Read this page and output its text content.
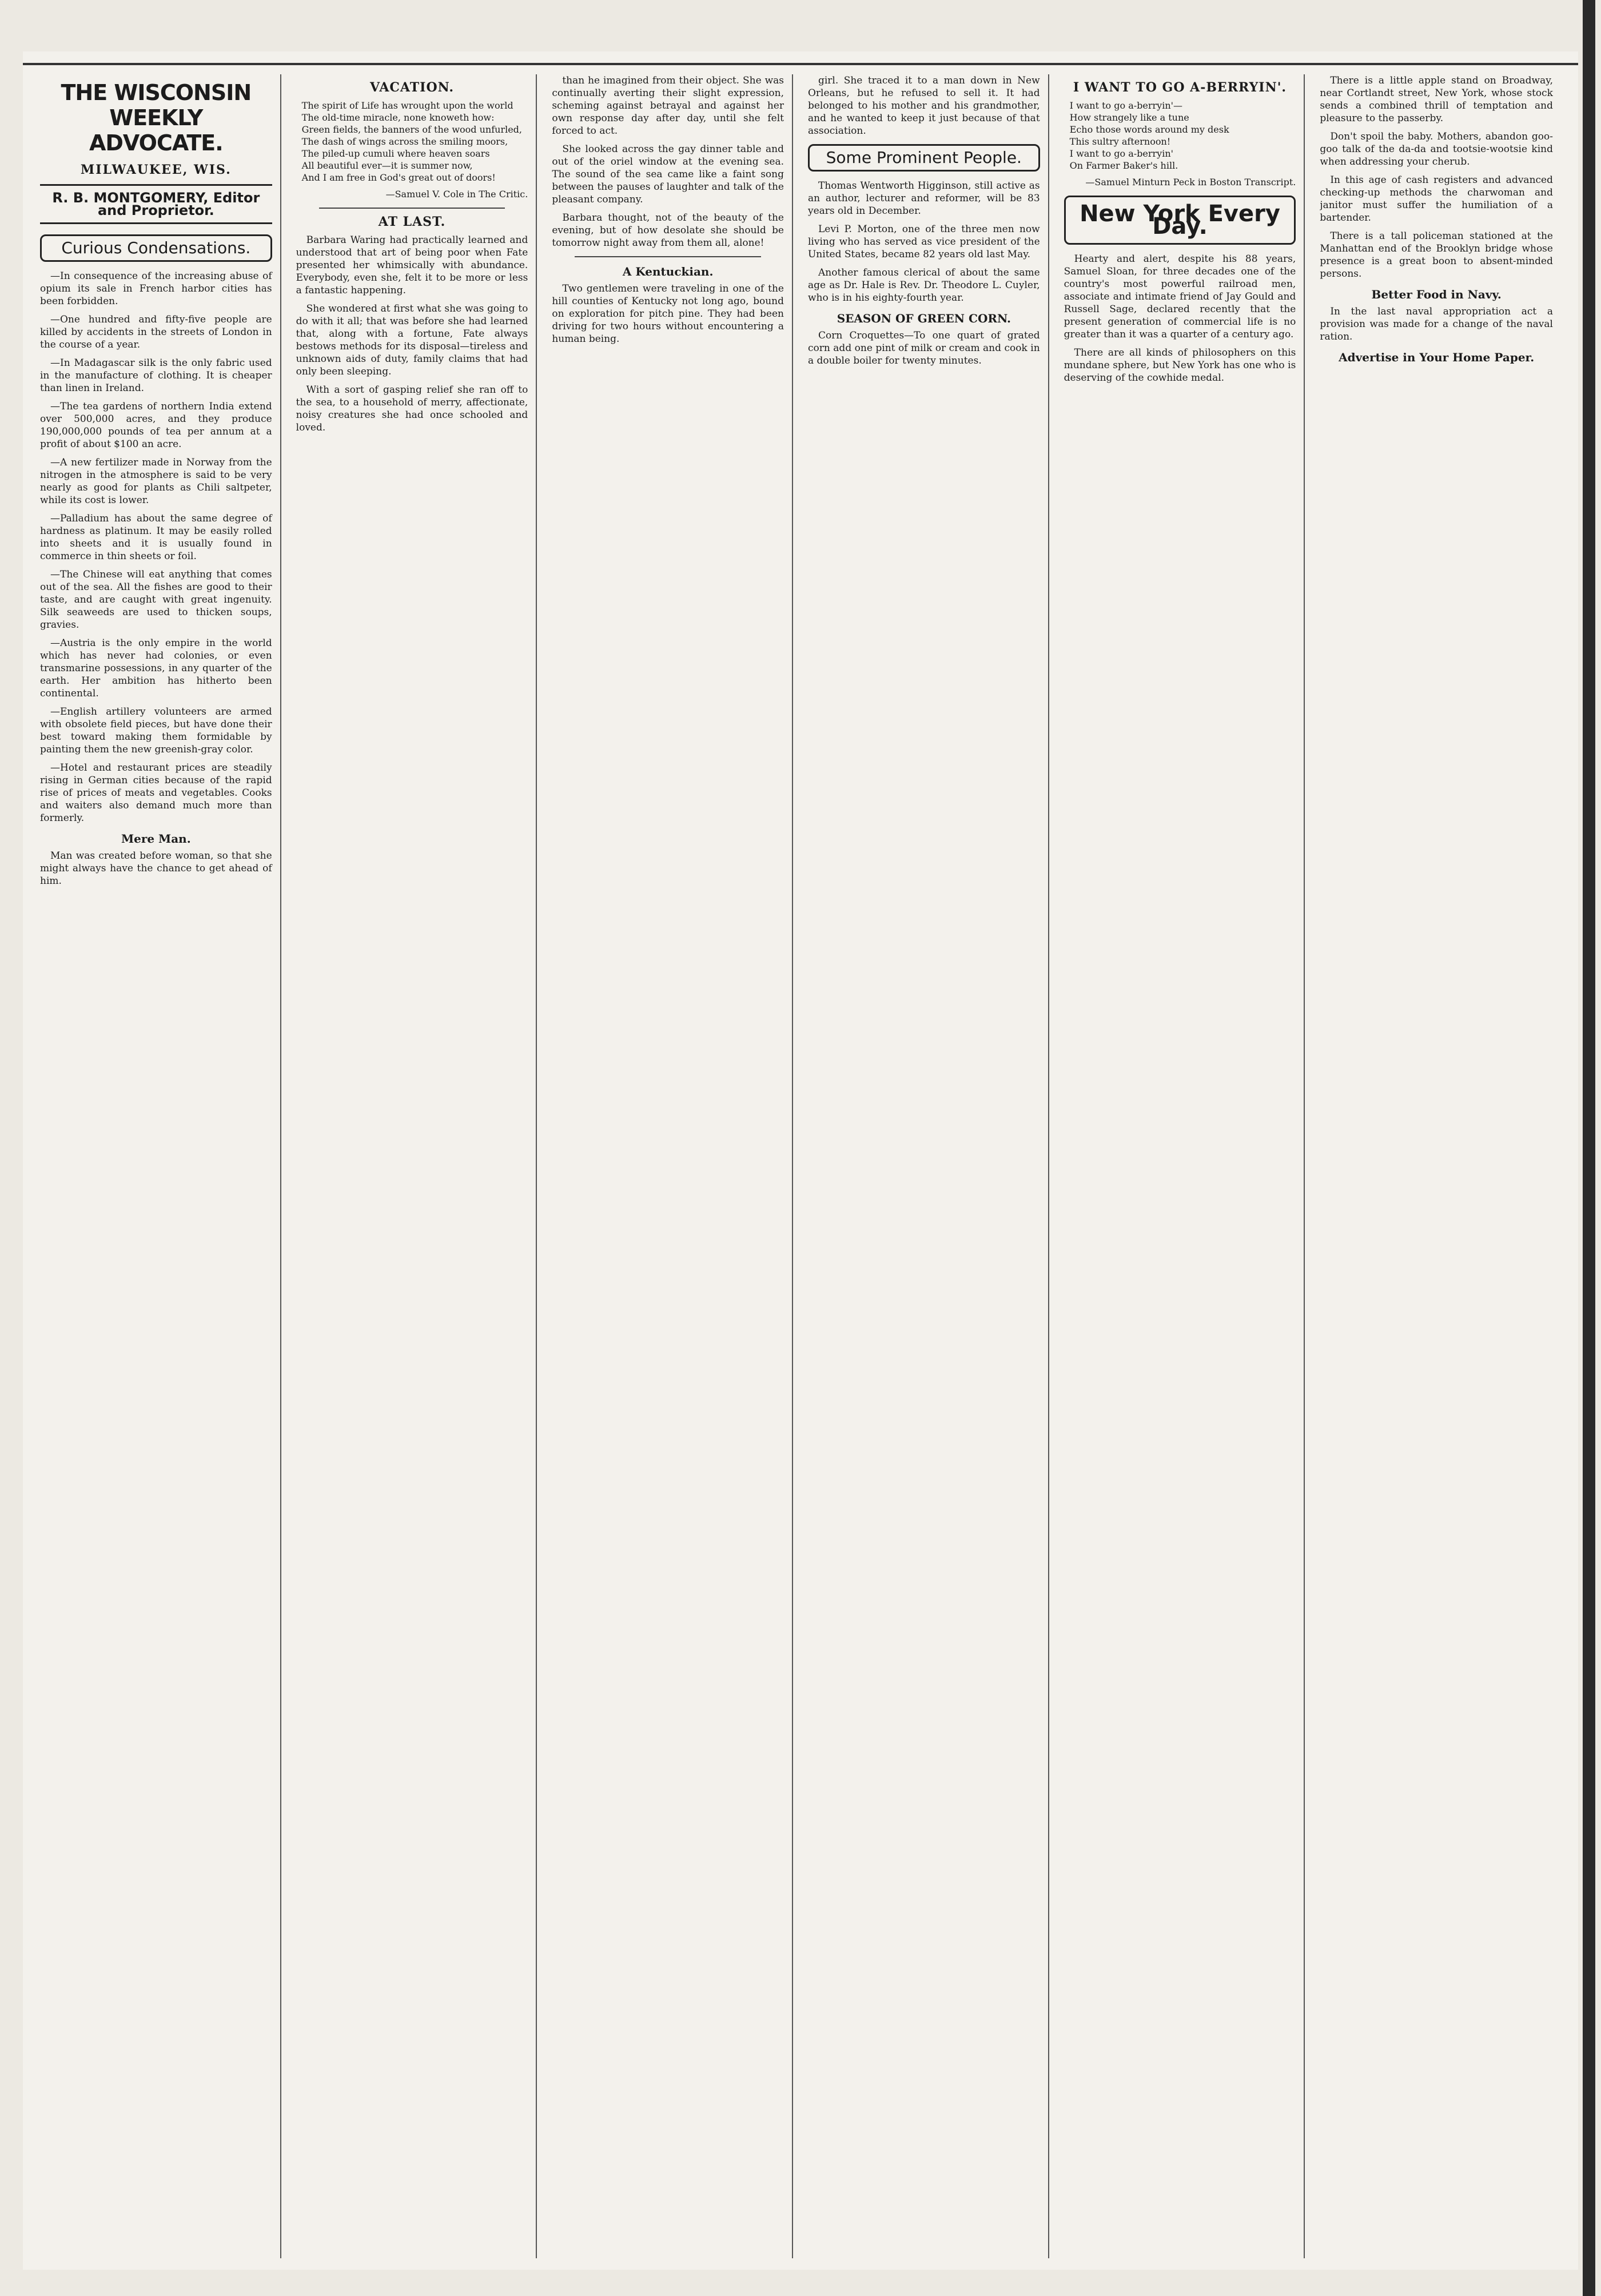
THE WISCONSIN WEEKLY ADVOCATE.
MILWAUKEE, WIS.
R. B. MONTGOMERY, Editor and Proprietor.
Curious Condensations.

—In consequence of the increasing abuse of opium its sale in French harbor cities has been forbidden.

—One hundred and fifty-five people are killed by accidents in the streets of London in the course of a year.

—In Madagascar silk is the only fabric used in the manufacture of clothing. It is cheaper than linen in Ireland.

—The tea gardens of northern India extend over 500,000 acres, and they produce 190,000,000 pounds of tea per annum at a profit of about $100 an acre.

—A new fertilizer made in Norway from the nitrogen in the atmosphere is said to be very nearly as good for plants as Chili saltpeter, while its cost is lower.

—Palladium has about the same degree of hardness as platinum. It may be easily rolled into sheets and it is usually found in commerce in thin sheets or foil.

—The Chinese will eat anything that comes out of the sea. All the fishes are good to their taste, and are caught with great ingenuity. Silk seaweeds are used to thicken soups, gravies.

—Austria is the only empire in the world which has never had colonies, or even transmarine possessions, in any quarter of the earth. Her ambition has hitherto been continental.

—English artillery volunteers are armed with obsolete field pieces, but have done their best toward making them formidable by painting them the new greenish-gray color.

—Hotel and restaurant prices are steadily rising in German cities because of the rapid rise of prices of meats and vegetables. Cooks and waiters also demand much more than formerly.

Mere Man.

Man was created before woman, so that she might always have the chance to get ahead of him.

VACATION.
The spirit of Life has wrought upon the world
The old-time miracle, none knoweth how:
Green fields, the banners of the wood unfurled,
The dash of wings across the smiling moors,
The piled-up cumuli where heaven soars
All beautiful ever—it is summer now,
And I am free in God's great out of doors!
—Samuel V. Cole in The Critic.
AT LAST.

Barbara Waring had practically learned and understood that art of being poor when Fate presented her whimsically with abundance. Everybody, even she, felt it to be more or less a fantastic happening.

She wondered at first what she was going to do with it all; that was before she had learned that, along with a fortune, Fate always bestows methods for its disposal—tireless and unknown aids of duty, family claims that had only been sleeping.

With a sort of gasping relief she ran off to the sea, to a household of merry, affectionate, noisy creatures she had once schooled and loved.

than he imagined from their object. She was continually averting their slight expression, scheming against betrayal and against her own response day after day, until she felt forced to act.

She looked across the gay dinner table and out of the oriel window at the evening sea. The sound of the sea came like a faint song between the pauses of laughter and talk of the pleasant company.

Barbara thought, not of the beauty of the evening, but of how desolate she should be tomorrow night away from them all, alone!

A Kentuckian.

Two gentlemen were traveling in one of the hill counties of Kentucky not long ago, bound on exploration for pitch pine. They had been driving for two hours without encountering a human being.

girl. She traced it to a man down in New Orleans, but he refused to sell it. It had belonged to his mother and his grandmother, and he wanted to keep it just because of that association.

Some Prominent People.

Thomas Wentworth Higginson, still active as an author, lecturer and reformer, will be 83 years old in December.

Levi P. Morton, one of the three men now living who has served as vice president of the United States, became 82 years old last May.

Another famous clerical of about the same age as Dr. Hale is Rev. Dr. Theodore L. Cuyler, who is in his eighty-fourth year.

SEASON OF GREEN CORN.

Corn Croquettes—To one quart of grated corn add one pint of milk or cream and cook in a double boiler for twenty minutes.

I WANT TO GO A-BERRYIN'.
I want to go a-berryin'—
How strangely like a tune
Echo those words around my desk
This sultry afternoon!
I want to go a-berryin'
On Farmer Baker's hill.
—Samuel Minturn Peck in Boston Transcript.
New York Every Day.

Hearty and alert, despite his 88 years, Samuel Sloan, for three decades one of the country's most powerful railroad men, associate and intimate friend of Jay Gould and Russell Sage, declared recently that the present generation of commercial life is no greater than it was a quarter of a century ago.

There are all kinds of philosophers on this mundane sphere, but New York has one who is deserving of the cowhide medal.

There is a little apple stand on Broadway, near Cortlandt street, New York, whose stock sends a combined thrill of temptation and pleasure to the passerby.

Don't spoil the baby. Mothers, abandon goo-goo talk of the da-da and tootsie-wootsie kind when addressing your cherub.

In this age of cash registers and advanced checking-up methods the charwoman and janitor must suffer the humiliation of a bartender.

There is a tall policeman stationed at the Manhattan end of the Brooklyn bridge whose presence is a great boon to absent-minded persons.

Better Food in Navy.

In the last naval appropriation act a provision was made for a change of the naval ration.

Advertise in Your Home Paper.
